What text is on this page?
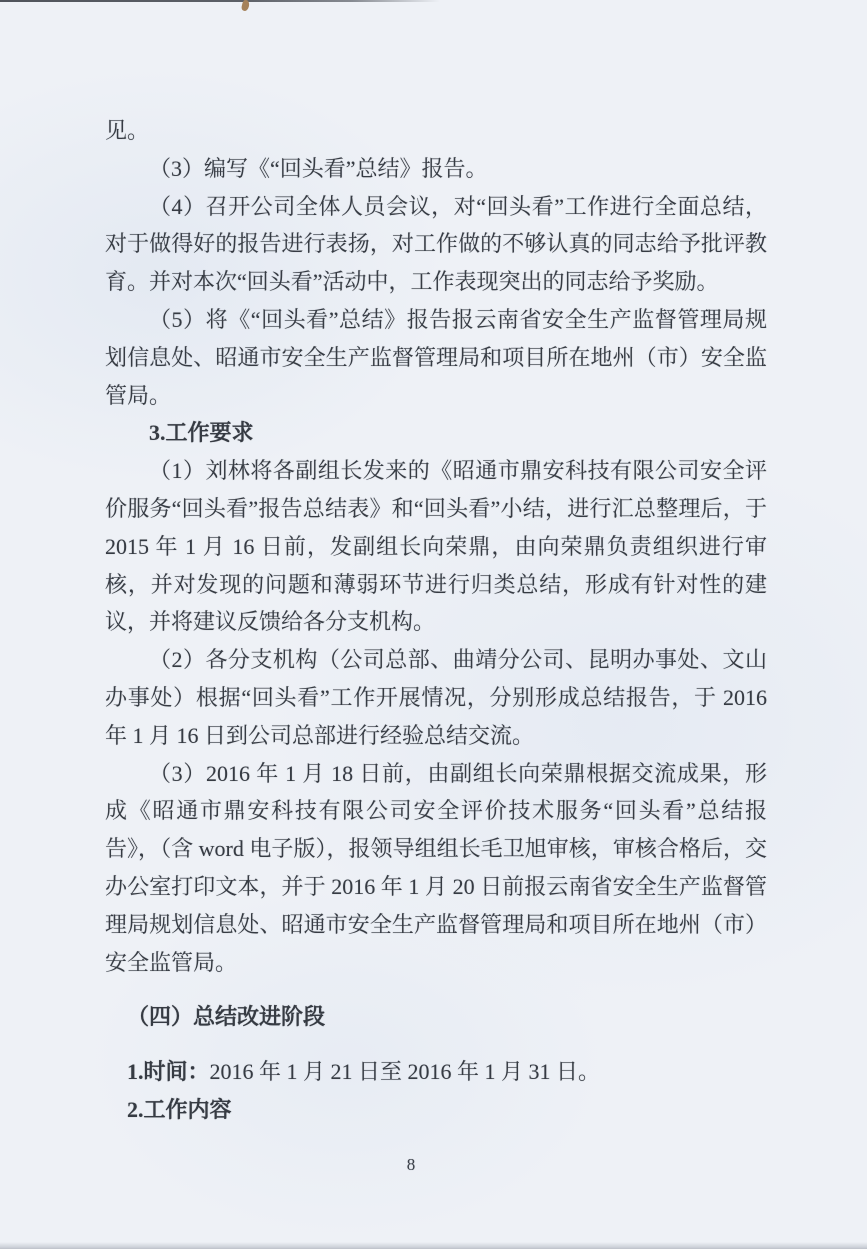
见。

（3）编写《“回头看”总结》报告。

（4）召开公司全体人员会议，对“回头看”工作进行全面总结，对于做得好的报告进行表扬，对工作做的不够认真的同志给予批评教育。并对本次“回头看”活动中，工作表现突出的同志给予奖励。

（5）将《“回头看”总结》报告报云南省安全生产监督管理局规划信息处、昭通市安全生产监督管理局和项目所在地州（市）安全监管局。

3.工作要求

（1）刘林将各副组长发来的《昭通市鼎安科技有限公司安全评价服务“回头看”报告总结表》和“回头看”小结，进行汇总整理后，于 2015 年 1 月 16 日前，发副组长向荣鼎，由向荣鼎负责组织进行审核，并对发现的问题和薄弱环节进行归类总结，形成有针对性的建议，并将建议反馈给各分支机构。

（2）各分支机构（公司总部、曲靖分公司、昆明办事处、文山办事处）根据“回头看”工作开展情况，分别形成总结报告，于 2016 年 1 月 16 日到公司总部进行经验总结交流。

（3）2016 年 1 月 18 日前，由副组长向荣鼎根据交流成果，形成《昭通市鼎安科技有限公司安全评价技术服务“回头看”总结报告》，（含 word 电子版），报领导组组长毛卫旭审核，审核合格后，交办公室打印文本，并于 2016 年 1 月 20 日前报云南省安全生产监督管理局规划信息处、昭通市安全生产监督管理局和项目所在地州（市）安全监管局。

（四）总结改进阶段

1.时间：2016 年 1 月 21 日至 2016 年 1 月 31 日。

2.工作内容

8
